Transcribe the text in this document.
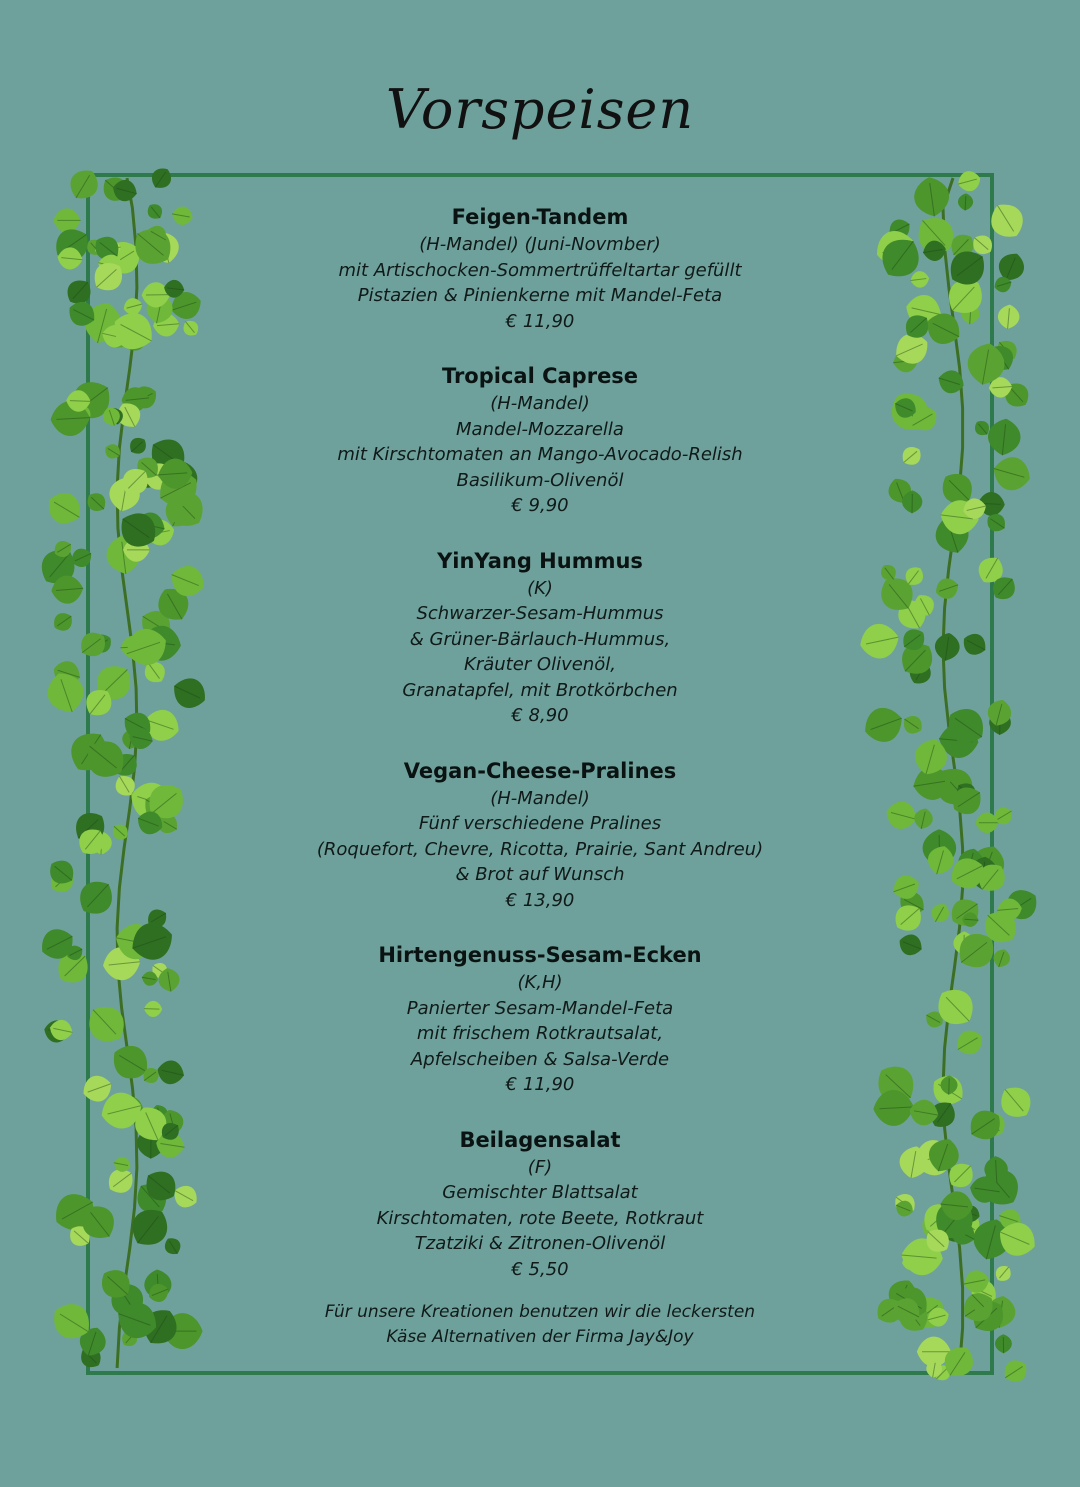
Vorspeisen
Feigen-Tandem
(H-Mandel) (Juni-Novmber)
mit Artischocken-Sommertrüffeltartar gefüllt
Pistazien & Pinienkerne mit Mandel-Feta
€ 11,90
Tropical Caprese
(H-Mandel)
Mandel-Mozzarella
mit Kirschtomaten an Mango-Avocado-Relish
Basilikum-Olivenöl
€ 9,90
YinYang Hummus
(K)
Schwarzer-Sesam-Hummus
& Grüner-Bärlauch-Hummus,
Kräuter Olivenöl,
Granatapfel, mit Brotkörbchen
€ 8,90
Vegan-Cheese-Pralines
(H-Mandel)
Fünf verschiedene Pralines
(Roquefort, Chevre, Ricotta, Prairie, Sant Andreu)
& Brot auf Wunsch
€ 13,90
Hirtengenuss-Sesam-Ecken
(K,H)
Panierter Sesam-Mandel-Feta
mit frischem Rotkrautsalat,
Apfelscheiben & Salsa-Verde
€ 11,90
Beilagensalat
(F)
Gemischter Blattsalat
Kirschtomaten, rote Beete, Rotkraut
Tzatziki & Zitronen-Olivenöl
€ 5,50
Für unsere Kreationen benutzen wir die leckersten
Käse Alternativen der Firma Jay&Joy
